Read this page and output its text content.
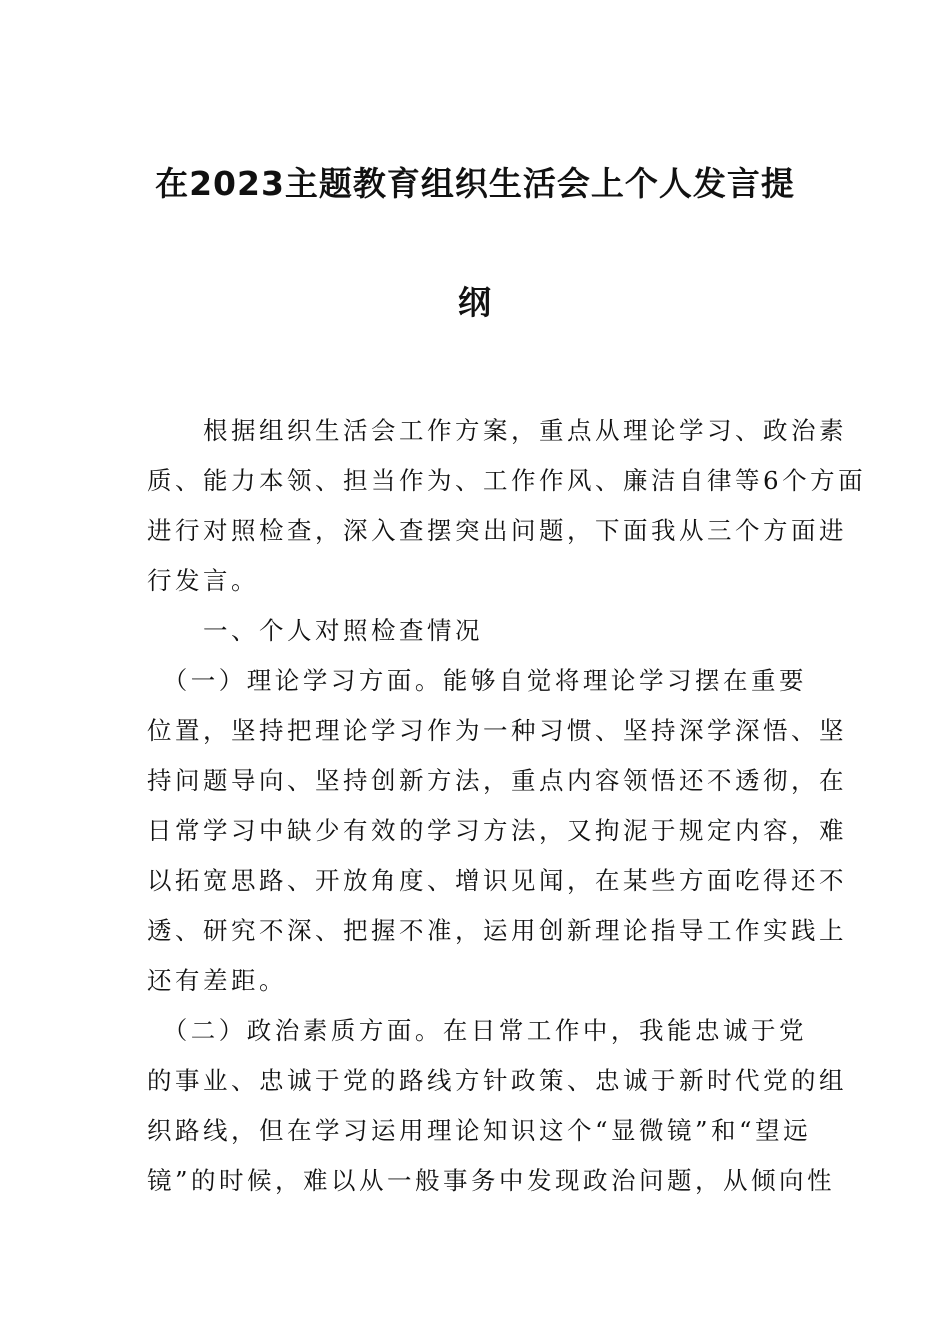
在2023主题教育组织生活会上个人发言提
纲
　　根据组织生活会工作方案，重点从理论学习、政治素
质、能力本领、担当作为、工作作风、廉洁自律等6个方面
进行对照检查，深入查摆突出问题，下面我从三个方面进
行发言。
　　一、个人对照检查情况
　（一）理论学习方面。能够自觉将理论学习摆在重要
位置，坚持把理论学习作为一种习惯、坚持深学深悟、坚
持问题导向、坚持创新方法，重点内容领悟还不透彻，在
日常学习中缺少有效的学习方法，又拘泥于规定内容，难
以拓宽思路、开放角度、增识见闻，在某些方面吃得还不
透、研究不深、把握不准，运用创新理论指导工作实践上
还有差距。
　（二）政治素质方面。在日常工作中，我能忠诚于党
的事业、忠诚于党的路线方针政策、忠诚于新时代党的组
织路线，但在学习运用理论知识这个“显微镜”和“望远
镜”的时候，难以从一般事务中发现政治问题，从倾向性
